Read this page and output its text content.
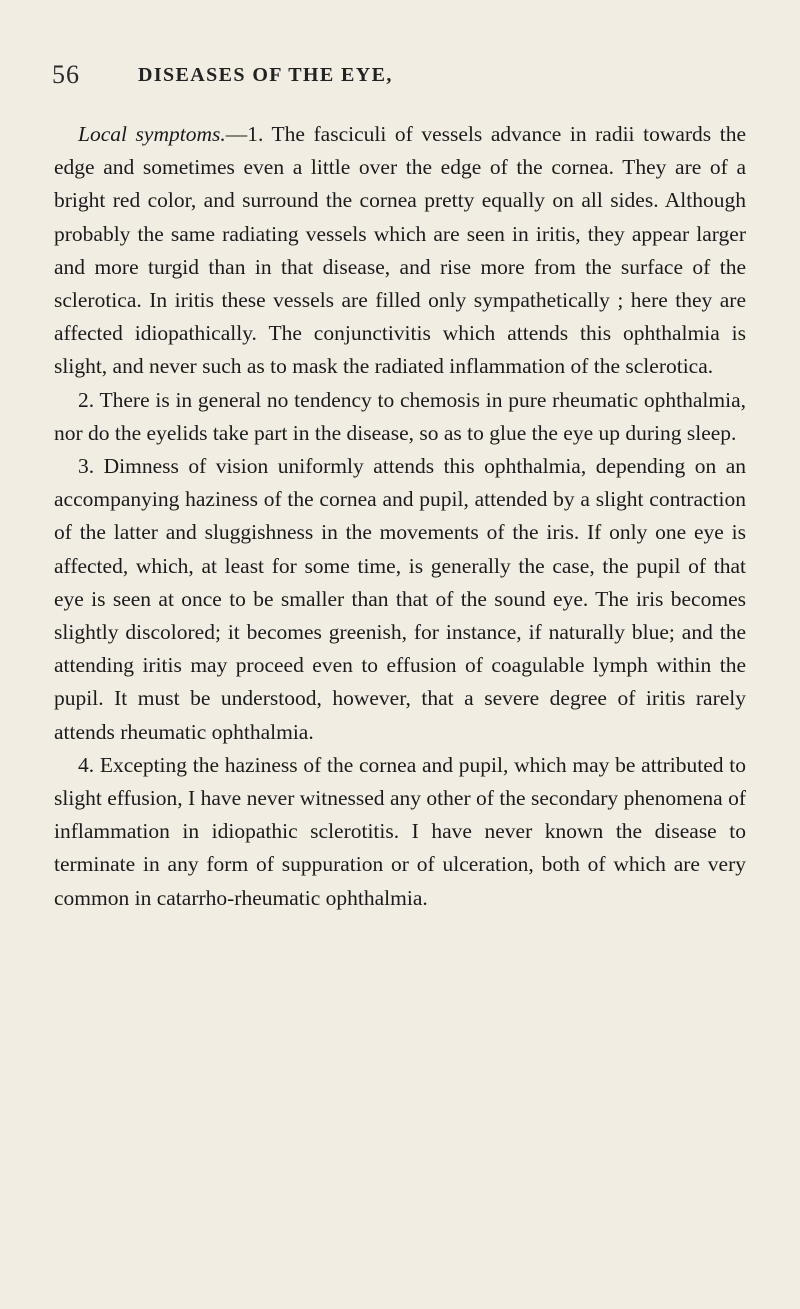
56	DISEASES OF THE EYE,

Local symptoms.—1. The fasciculi of vessels advance in radii towards the edge and sometimes even a little over the edge of the cornea. They are of a bright red color, and surround the cornea pretty equally on all sides. Although probably the same radiating vessels which are seen in iritis, they appear larger and more turgid than in that disease, and rise more from the surface of the sclerotica. In iritis these vessels are filled only sympathetically ; here they are affected idiopathically. The conjunctivitis which attends this ophthalmia is slight, and never such as to mask the radiated inflammation of the sclerotica.

2. There is in general no tendency to chemosis in pure rheumatic ophthalmia, nor do the eyelids take part in the disease, so as to glue the eye up during sleep.

3. Dimness of vision uniformly attends this ophthalmia, depending on an accompanying haziness of the cornea and pupil, attended by a slight contraction of the latter and sluggishness in the movements of the iris. If only one eye is affected, which, at least for some time, is generally the case, the pupil of that eye is seen at once to be smaller than that of the sound eye. The iris becomes slightly discolored; it becomes greenish, for instance, if naturally blue; and the attending iritis may proceed even to effusion of coagulable lymph within the pupil. It must be understood, however, that a severe degree of iritis rarely attends rheumatic ophthalmia.

4. Excepting the haziness of the cornea and pupil, which may be attributed to slight effusion, I have never witnessed any other of the secondary phenomena of inflammation in idiopathic sclerotitis. I have never known the disease to terminate in any form of suppuration or of ulceration, both of which are very common in catarrho-rheumatic ophthalmia.
